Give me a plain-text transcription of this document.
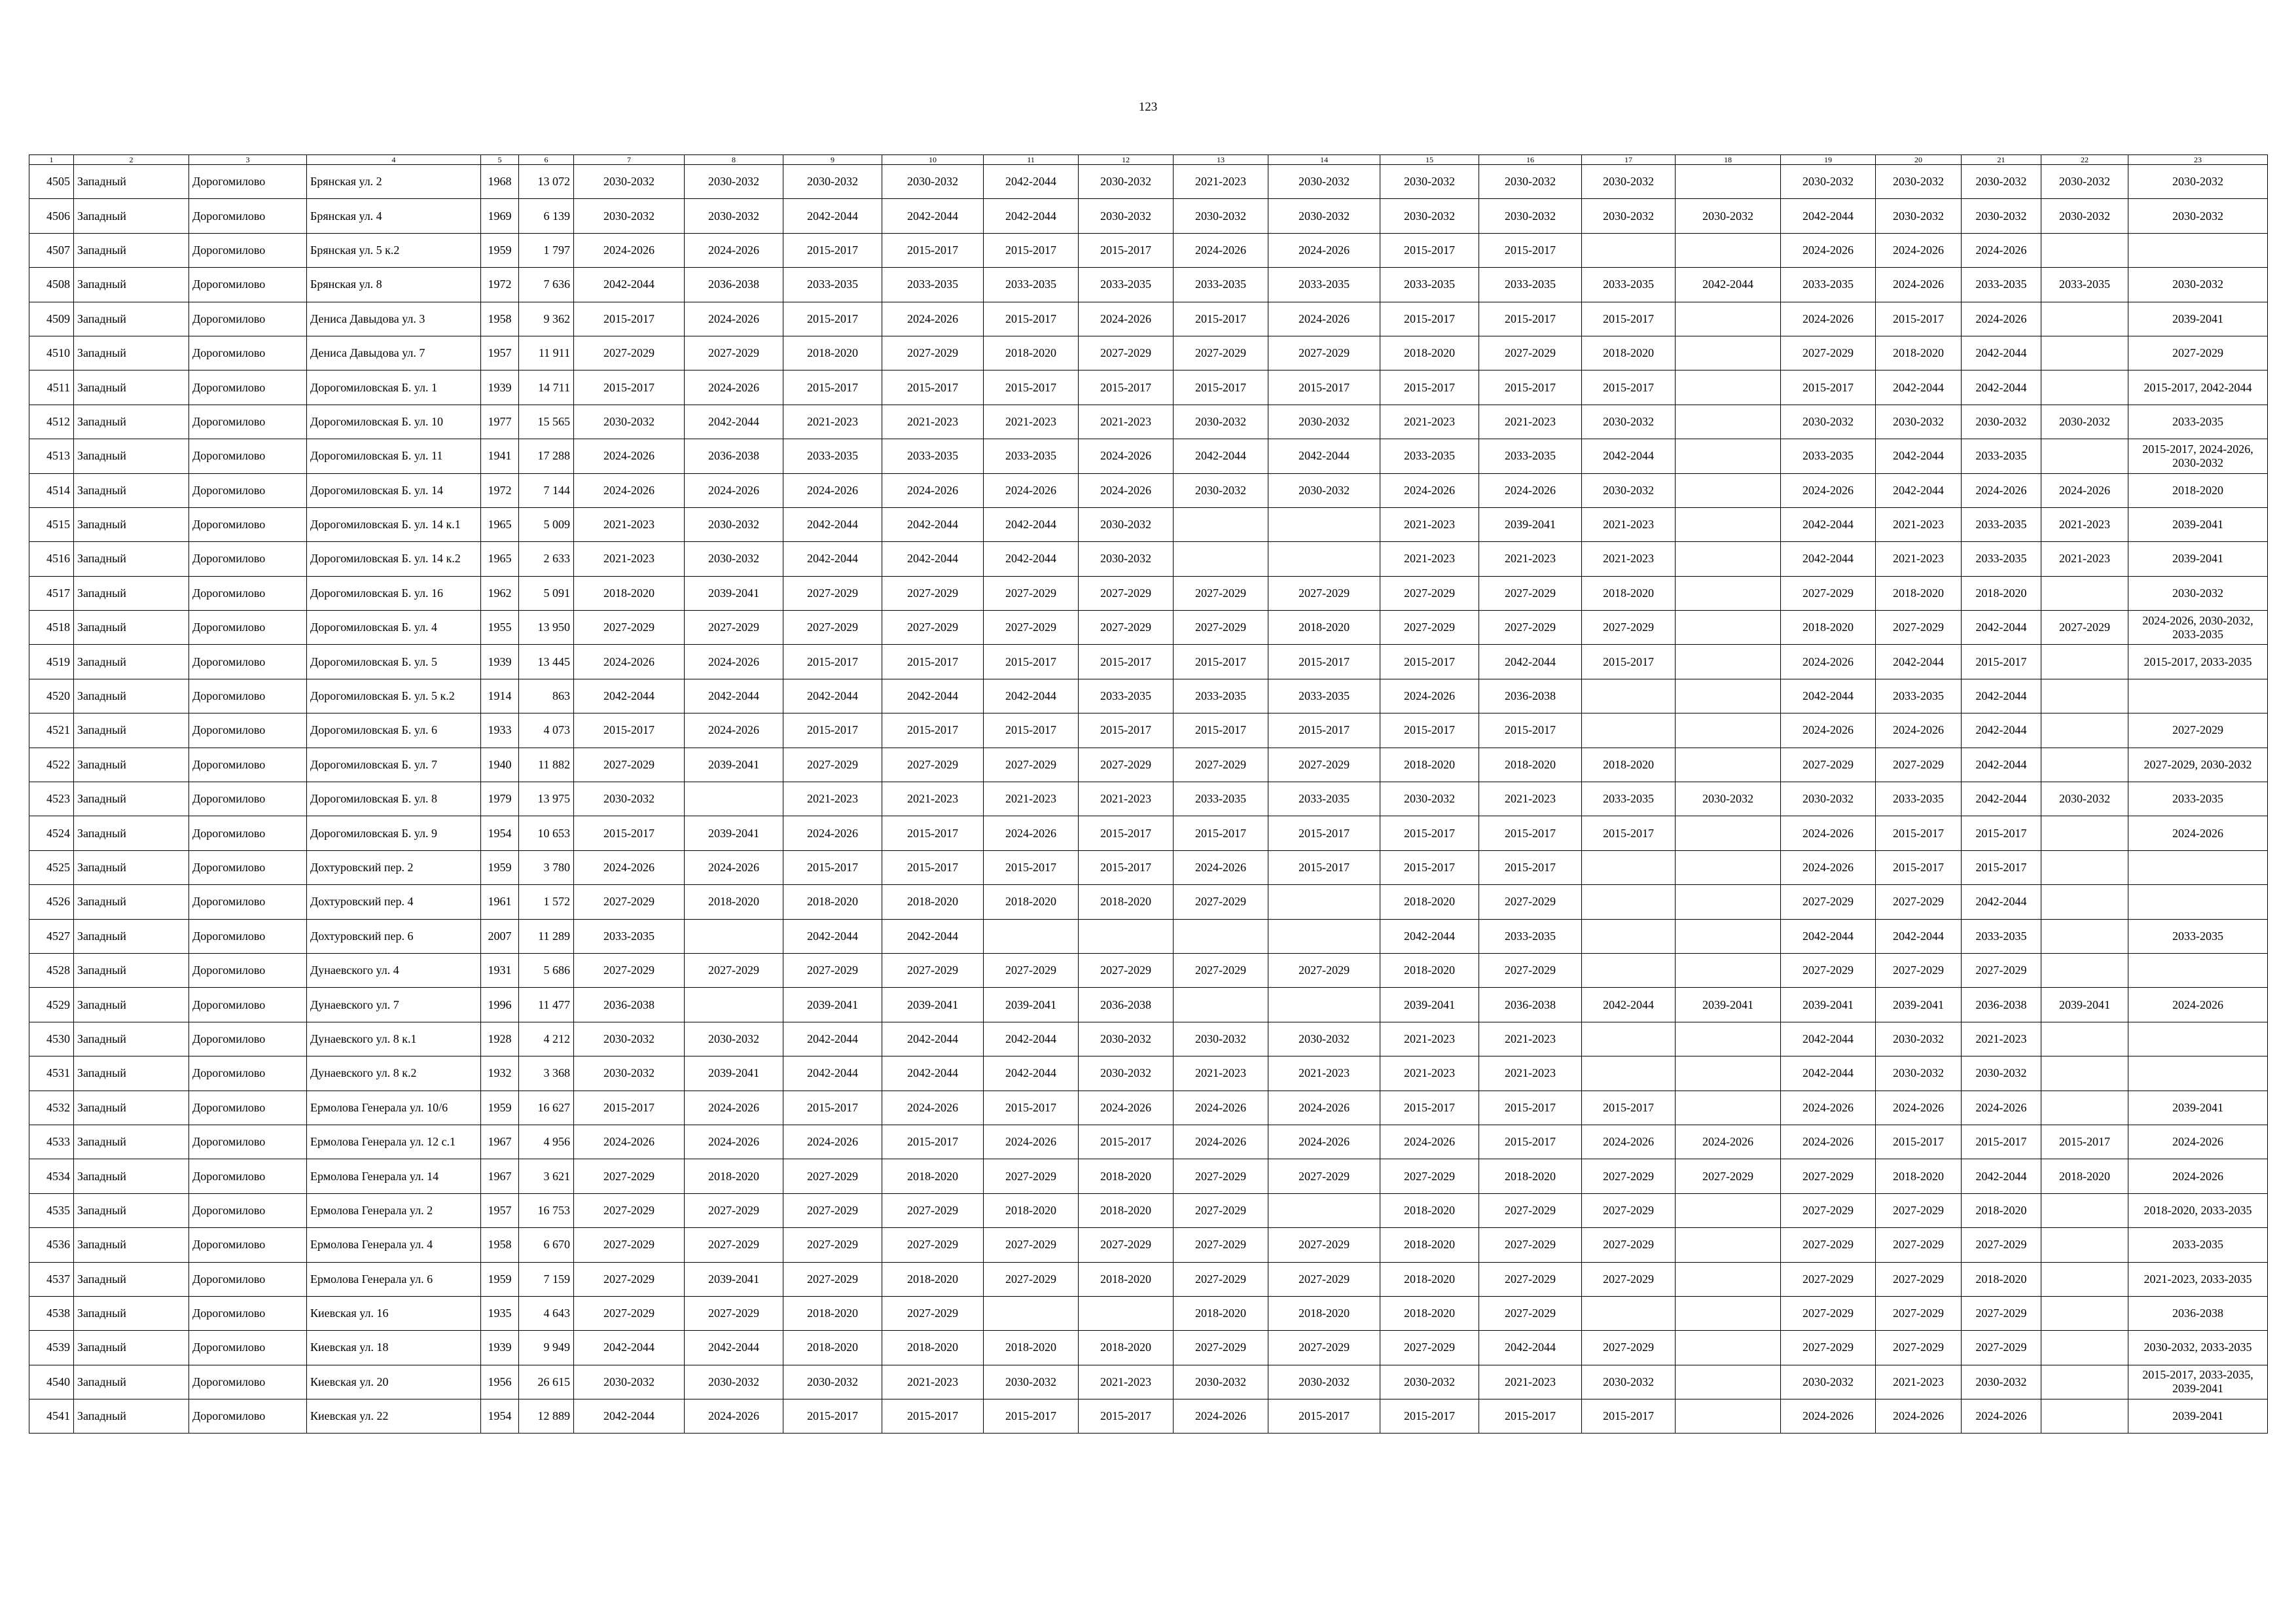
123
1	2	3	4	5	6	7	8	9	10	11	12	13	14	15	16	17	18	19	20	21	22	23
4505	Западный	Дорогомилово	Брянская ул. 2	1968	13 072	2030-2032	2030-2032	2030-2032	2030-2032	2042-2044	2030-2032	2021-2023	2030-2032	2030-2032	2030-2032	2030-2032		2030-2032	2030-2032	2030-2032	2030-2032	2030-2032
4506	Западный	Дорогомилово	Брянская ул. 4	1969	6 139	2030-2032	2030-2032	2042-2044	2042-2044	2042-2044	2030-2032	2030-2032	2030-2032	2030-2032	2030-2032	2030-2032	2030-2032	2042-2044	2030-2032	2030-2032	2030-2032	2030-2032
4507	Западный	Дорогомилово	Брянская ул. 5 к.2	1959	1 797	2024-2026	2024-2026	2015-2017	2015-2017	2015-2017	2015-2017	2024-2026	2024-2026	2015-2017	2015-2017			2024-2026	2024-2026	2024-2026		
4508	Западный	Дорогомилово	Брянская ул. 8	1972	7 636	2042-2044	2036-2038	2033-2035	2033-2035	2033-2035	2033-2035	2033-2035	2033-2035	2033-2035	2033-2035	2033-2035	2042-2044	2033-2035	2024-2026	2033-2035	2033-2035	2030-2032
4509	Западный	Дорогомилово	Дениса Давыдова ул. 3	1958	9 362	2015-2017	2024-2026	2015-2017	2024-2026	2015-2017	2024-2026	2015-2017	2024-2026	2015-2017	2015-2017	2015-2017		2024-2026	2015-2017	2024-2026		2039-2041
4510	Западный	Дорогомилово	Дениса Давыдова ул. 7	1957	11 911	2027-2029	2027-2029	2018-2020	2027-2029	2018-2020	2027-2029	2027-2029	2027-2029	2018-2020	2027-2029	2018-2020		2027-2029	2018-2020	2042-2044		2027-2029
4511	Западный	Дорогомилово	Дорогомиловская Б. ул. 1	1939	14 711	2015-2017	2024-2026	2015-2017	2015-2017	2015-2017	2015-2017	2015-2017	2015-2017	2015-2017	2015-2017	2015-2017		2015-2017	2042-2044	2042-2044		2015-2017, 2042-2044
4512	Западный	Дорогомилово	Дорогомиловская Б. ул. 10	1977	15 565	2030-2032	2042-2044	2021-2023	2021-2023	2021-2023	2021-2023	2030-2032	2030-2032	2021-2023	2021-2023	2030-2032		2030-2032	2030-2032	2030-2032	2030-2032	2033-2035
4513	Западный	Дорогомилово	Дорогомиловская Б. ул. 11	1941	17 288	2024-2026	2036-2038	2033-2035	2033-2035	2033-2035	2024-2026	2042-2044	2042-2044	2033-2035	2033-2035	2042-2044		2033-2035	2042-2044	2033-2035		2015-2017, 2024-2026, 2030-2032
4514	Западный	Дорогомилово	Дорогомиловская Б. ул. 14	1972	7 144	2024-2026	2024-2026	2024-2026	2024-2026	2024-2026	2024-2026	2030-2032	2030-2032	2024-2026	2024-2026	2030-2032		2024-2026	2042-2044	2024-2026	2024-2026	2018-2020
4515	Западный	Дорогомилово	Дорогомиловская Б. ул. 14 к.1	1965	5 009	2021-2023	2030-2032	2042-2044	2042-2044	2042-2044	2030-2032			2021-2023	2039-2041	2021-2023		2042-2044	2021-2023	2033-2035	2021-2023	2039-2041
4516	Западный	Дорогомилово	Дорогомиловская Б. ул. 14 к.2	1965	2 633	2021-2023	2030-2032	2042-2044	2042-2044	2042-2044	2030-2032			2021-2023	2021-2023	2021-2023		2042-2044	2021-2023	2033-2035	2021-2023	2039-2041
4517	Западный	Дорогомилово	Дорогомиловская Б. ул. 16	1962	5 091	2018-2020	2039-2041	2027-2029	2027-2029	2027-2029	2027-2029	2027-2029	2027-2029	2027-2029	2027-2029	2018-2020		2027-2029	2018-2020	2018-2020		2030-2032
4518	Западный	Дорогомилово	Дорогомиловская Б. ул. 4	1955	13 950	2027-2029	2027-2029	2027-2029	2027-2029	2027-2029	2027-2029	2027-2029	2018-2020	2027-2029	2027-2029	2027-2029		2018-2020	2027-2029	2042-2044	2027-2029	2024-2026, 2030-2032, 2033-2035
4519	Западный	Дорогомилово	Дорогомиловская Б. ул. 5	1939	13 445	2024-2026	2024-2026	2015-2017	2015-2017	2015-2017	2015-2017	2015-2017	2015-2017	2015-2017	2042-2044	2015-2017		2024-2026	2042-2044	2015-2017		2015-2017, 2033-2035
4520	Западный	Дорогомилово	Дорогомиловская Б. ул. 5 к.2	1914	863	2042-2044	2042-2044	2042-2044	2042-2044	2042-2044	2033-2035	2033-2035	2033-2035	2024-2026	2036-2038			2042-2044	2033-2035	2042-2044		
4521	Западный	Дорогомилово	Дорогомиловская Б. ул. 6	1933	4 073	2015-2017	2024-2026	2015-2017	2015-2017	2015-2017	2015-2017	2015-2017	2015-2017	2015-2017	2015-2017			2024-2026	2024-2026	2042-2044		2027-2029
4522	Западный	Дорогомилово	Дорогомиловская Б. ул. 7	1940	11 882	2027-2029	2039-2041	2027-2029	2027-2029	2027-2029	2027-2029	2027-2029	2027-2029	2018-2020	2018-2020	2018-2020		2027-2029	2027-2029	2042-2044		2027-2029, 2030-2032
4523	Западный	Дорогомилово	Дорогомиловская Б. ул. 8	1979	13 975	2030-2032		2021-2023	2021-2023	2021-2023	2021-2023	2033-2035	2033-2035	2030-2032	2021-2023	2033-2035	2030-2032	2030-2032	2033-2035	2042-2044	2030-2032	2033-2035
4524	Западный	Дорогомилово	Дорогомиловская Б. ул. 9	1954	10 653	2015-2017	2039-2041	2024-2026	2015-2017	2024-2026	2015-2017	2015-2017	2015-2017	2015-2017	2015-2017	2015-2017		2024-2026	2015-2017	2015-2017		2024-2026
4525	Западный	Дорогомилово	Дохтуровский пер. 2	1959	3 780	2024-2026	2024-2026	2015-2017	2015-2017	2015-2017	2015-2017	2024-2026	2015-2017	2015-2017	2015-2017			2024-2026	2015-2017	2015-2017		
4526	Западный	Дорогомилово	Дохтуровский пер. 4	1961	1 572	2027-2029	2018-2020	2018-2020	2018-2020	2018-2020	2018-2020	2027-2029		2018-2020	2027-2029			2027-2029	2027-2029	2042-2044		
4527	Западный	Дорогомилово	Дохтуровский пер. 6	2007	11 289	2033-2035		2042-2044	2042-2044					2042-2044	2033-2035			2042-2044	2042-2044	2033-2035		2033-2035
4528	Западный	Дорогомилово	Дунаевского ул. 4	1931	5 686	2027-2029	2027-2029	2027-2029	2027-2029	2027-2029	2027-2029	2027-2029	2027-2029	2018-2020	2027-2029			2027-2029	2027-2029	2027-2029		
4529	Западный	Дорогомилово	Дунаевского ул. 7	1996	11 477	2036-2038		2039-2041	2039-2041	2039-2041	2036-2038			2039-2041	2036-2038	2042-2044	2039-2041	2039-2041	2039-2041	2036-2038	2039-2041	2024-2026
4530	Западный	Дорогомилово	Дунаевского ул. 8 к.1	1928	4 212	2030-2032	2030-2032	2042-2044	2042-2044	2042-2044	2030-2032	2030-2032	2030-2032	2021-2023	2021-2023			2042-2044	2030-2032	2021-2023		
4531	Западный	Дорогомилово	Дунаевского ул. 8 к.2	1932	3 368	2030-2032	2039-2041	2042-2044	2042-2044	2042-2044	2030-2032	2021-2023	2021-2023	2021-2023	2021-2023			2042-2044	2030-2032	2030-2032		
4532	Западный	Дорогомилово	Ермолова Генерала ул. 10/6	1959	16 627	2015-2017	2024-2026	2015-2017	2024-2026	2015-2017	2024-2026	2024-2026	2024-2026	2015-2017	2015-2017	2015-2017		2024-2026	2024-2026	2024-2026		2039-2041
4533	Западный	Дорогомилово	Ермолова Генерала ул. 12 с.1	1967	4 956	2024-2026	2024-2026	2024-2026	2015-2017	2024-2026	2015-2017	2024-2026	2024-2026	2024-2026	2015-2017	2024-2026	2024-2026	2024-2026	2015-2017	2015-2017	2015-2017	2024-2026
4534	Западный	Дорогомилово	Ермолова Генерала ул. 14	1967	3 621	2027-2029	2018-2020	2027-2029	2018-2020	2027-2029	2018-2020	2027-2029	2027-2029	2027-2029	2018-2020	2027-2029	2027-2029	2027-2029	2018-2020	2042-2044	2018-2020	2024-2026
4535	Западный	Дорогомилово	Ермолова Генерала ул. 2	1957	16 753	2027-2029	2027-2029	2027-2029	2027-2029	2018-2020	2018-2020	2027-2029		2018-2020	2027-2029	2027-2029		2027-2029	2027-2029	2018-2020		2018-2020, 2033-2035
4536	Западный	Дорогомилово	Ермолова Генерала ул. 4	1958	6 670	2027-2029	2027-2029	2027-2029	2027-2029	2027-2029	2027-2029	2027-2029	2027-2029	2018-2020	2027-2029	2027-2029		2027-2029	2027-2029	2027-2029		2033-2035
4537	Западный	Дорогомилово	Ермолова Генерала ул. 6	1959	7 159	2027-2029	2039-2041	2027-2029	2018-2020	2027-2029	2018-2020	2027-2029	2027-2029	2018-2020	2027-2029	2027-2029		2027-2029	2027-2029	2018-2020		2021-2023, 2033-2035
4538	Западный	Дорогомилово	Киевская ул. 16	1935	4 643	2027-2029	2027-2029	2018-2020	2027-2029			2018-2020	2018-2020	2018-2020	2027-2029			2027-2029	2027-2029	2027-2029		2036-2038
4539	Западный	Дорогомилово	Киевская ул. 18	1939	9 949	2042-2044	2042-2044	2018-2020	2018-2020	2018-2020	2018-2020	2027-2029	2027-2029	2027-2029	2042-2044	2027-2029		2027-2029	2027-2029	2027-2029		2030-2032, 2033-2035
4540	Западный	Дорогомилово	Киевская ул. 20	1956	26 615	2030-2032	2030-2032	2030-2032	2021-2023	2030-2032	2021-2023	2030-2032	2030-2032	2030-2032	2021-2023	2030-2032		2030-2032	2021-2023	2030-2032		2015-2017, 2033-2035, 2039-2041
4541	Западный	Дорогомилово	Киевская ул. 22	1954	12 889	2042-2044	2024-2026	2015-2017	2015-2017	2015-2017	2015-2017	2024-2026	2015-2017	2015-2017	2015-2017	2015-2017		2024-2026	2024-2026	2024-2026		2039-2041
